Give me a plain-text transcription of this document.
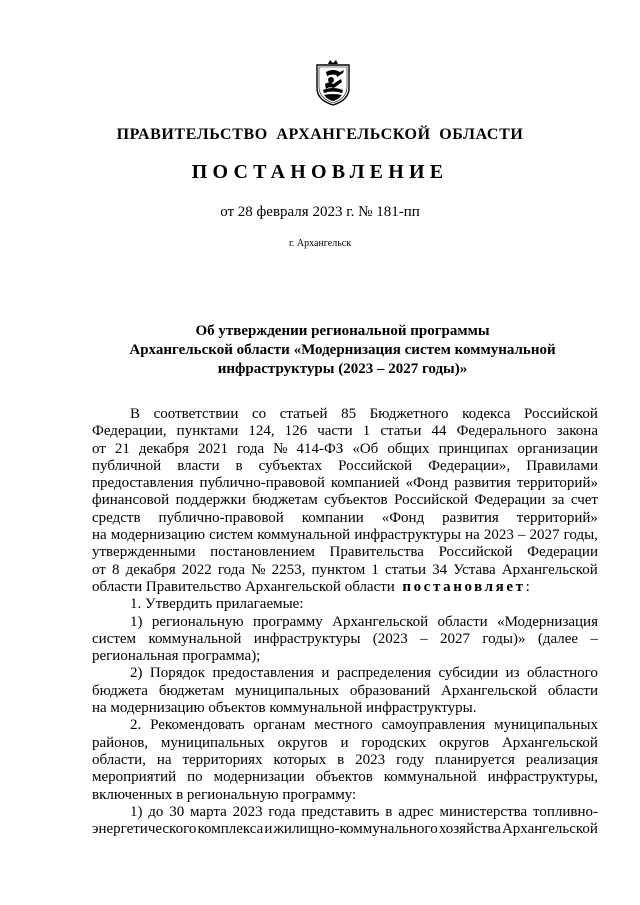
ПРАВИТЕЛЬСТВО АРХАНГЕЛЬСКОЙ ОБЛАСТИ
ПОСТАНОВЛЕНИЕ
от 28 февраля 2023 г. № 181-пп
г. Архангельск
Об утверждении региональной программы
Архангельской области «Модернизация систем коммунальной
инфраструктуры (2023 – 2027 годы)»
В соответствии со статьей 85 Бюджетного кодекса Российской
Федерации, пунктами 124, 126 части 1 статьи 44 Федерального закона
от 21 декабря 2021 года № 414-ФЗ «Об общих принципах организации
публичной власти в субъектах Российской Федерации», Правилами
предоставления публично-правовой компанией «Фонд развития территорий»
финансовой поддержки бюджетам субъектов Российской Федерации за счет
средств публично-правовой компании «Фонд развития территорий»
на модернизацию систем коммунальной инфраструктуры на 2023 – 2027 годы,
утвержденными постановлением Правительства Российской Федерации
от 8 декабря 2022 года № 2253, пунктом 1 статьи 34 Устава Архангельской
области Правительство Архангельской области постановляет:
1. Утвердить прилагаемые:
1) региональную программу Архангельской области «Модернизация
систем коммунальной инфраструктуры (2023 – 2027 годы)» (далее –
региональная программа);
2) Порядок предоставления и распределения субсидии из областного
бюджета бюджетам муниципальных образований Архангельской области
на модернизацию объектов коммунальной инфраструктуры.
2. Рекомендовать органам местного самоуправления муниципальных
районов, муниципальных округов и городских округов Архангельской
области, на территориях которых в 2023 году планируется реализация
мероприятий по модернизации объектов коммунальной инфраструктуры,
включенных в региональную программу:
1) до 30 марта 2023 года представить в адрес министерства топливно-
энергетического комплекса и жилищно-коммунального хозяйства Архангельской
